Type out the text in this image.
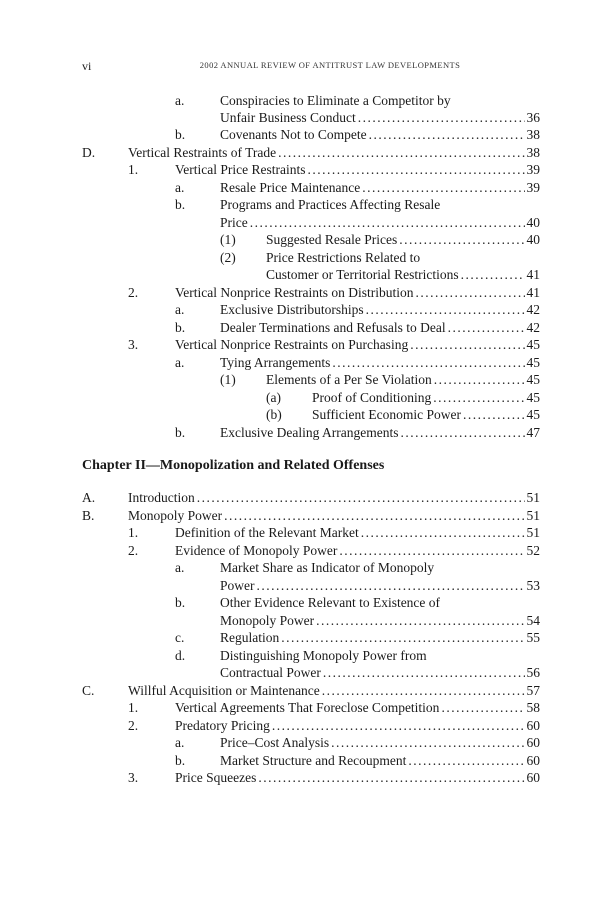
vi	2002 ANNUAL REVIEW OF ANTITRUST LAW DEVELOPMENTS
a.	Conspiracies to Eliminate a Competitor by
Unfair Business Conduct .....	36
b.	Covenants Not to Compete .....	38
D. Vertical Restraints of Trade .....	38
1.	Vertical Price Restraints .....	39
a.	Resale Price Maintenance .....	39
b.	Programs and Practices Affecting Resale
Price .....	40
(1) Suggested Resale Prices .....	40
(2) Price Restrictions Related to
Customer or Territorial Restrictions .....	41
2.	Vertical Nonprice Restraints on Distribution .....	41
a.	Exclusive Distributorships .....	42
b.	Dealer Terminations and Refusals to Deal .....	42
3.	Vertical Nonprice Restraints on Purchasing .....	45
a.	Tying Arrangements .....	45
(1) Elements of a Per Se Violation .....	45
(a) Proof of Conditioning .....	45
(b) Sufficient Economic Power .....	45
b.	Exclusive Dealing Arrangements .....	47
Chapter II—Monopolization and Related Offenses
A. Introduction .....	51
B. Monopoly Power .....	51
1.	Definition of the Relevant Market .....	51
2.	Evidence of Monopoly Power .....	52
a.	Market Share as Indicator of Monopoly
Power .....	53
b.	Other Evidence Relevant to Existence of
Monopoly Power .....	54
c.	Regulation .....	55
d.	Distinguishing Monopoly Power from
Contractual Power .....	56
C. Willful Acquisition or Maintenance .....	57
1.	Vertical Agreements That Foreclose Competition .....	58
2.	Predatory Pricing .....	60
a.	Price–Cost Analysis .....	60
b.	Market Structure and Recoupment .....	60
3.	Price Squeezes .....	60
